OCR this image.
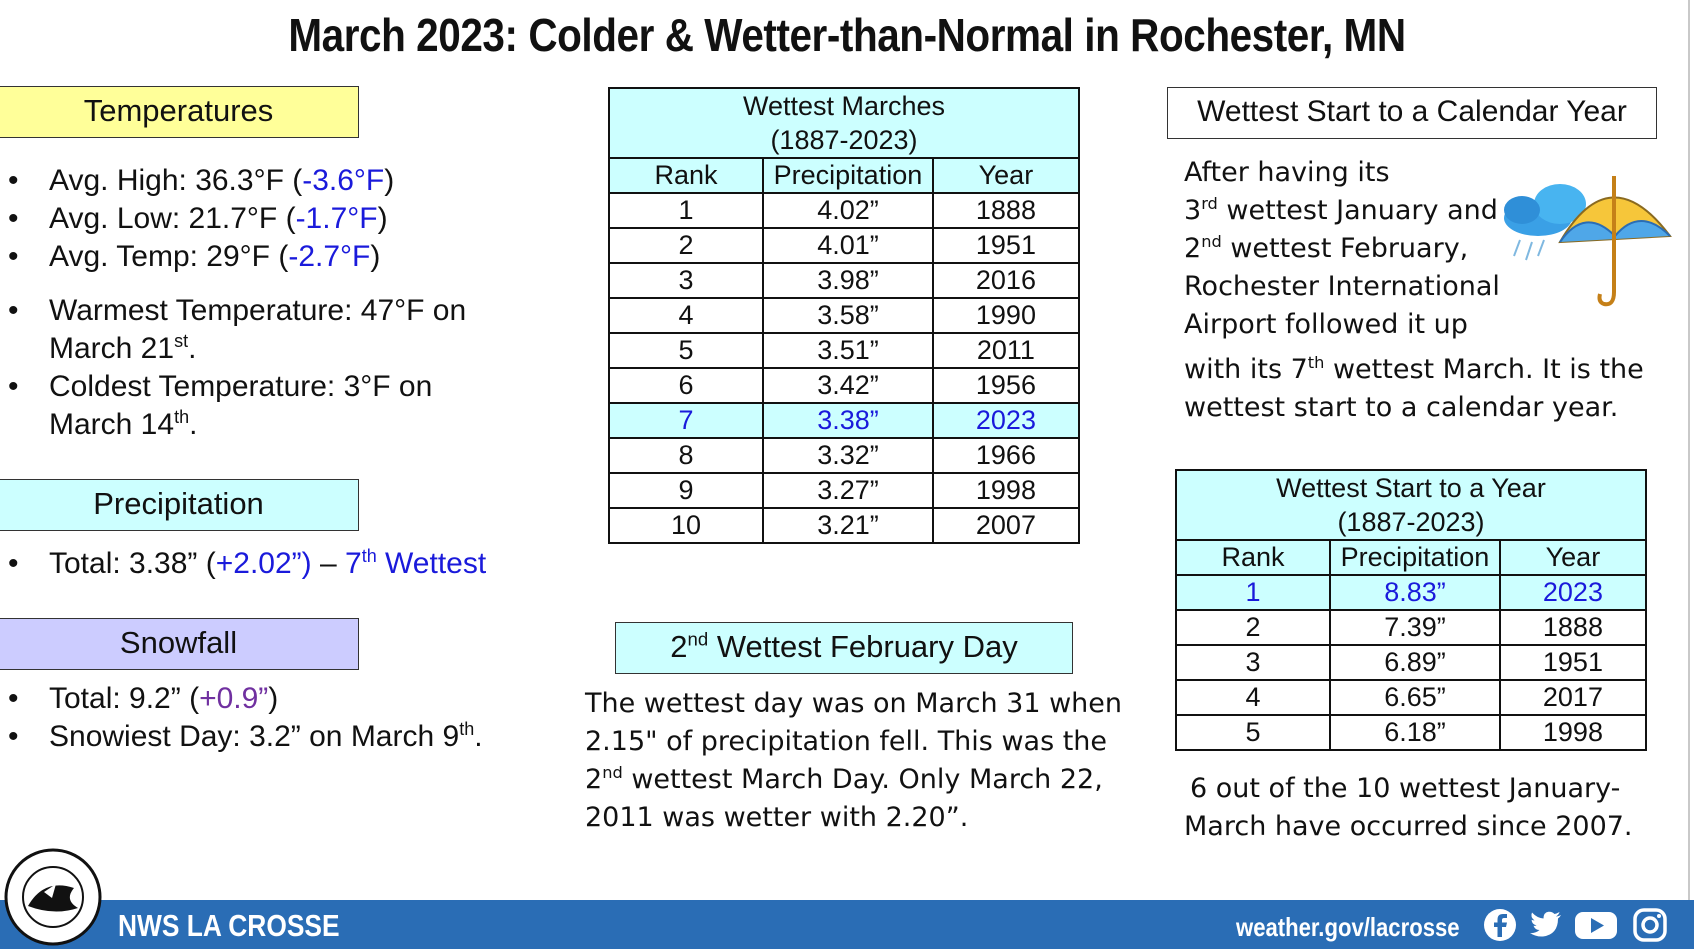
March 2023: Colder & Wetter-than-Normal in Rochester, MN
Temperatures
• Avg. High: 36.3°F (-3.6°F)
• Avg. Low: 21.7°F (-1.7°F)
• Avg. Temp: 29°F (-2.7°F)
• Warmest Temperature: 47°F on
March 21st.
• Coldest Temperature: 3°F on
March 14th.
Precipitation
• Total: 3.38” (+2.02”) – 7th Wettest
Snowfall
• Total: 9.2” (+0.9”)
• Snowiest Day: 3.2” on March 9th.
Wettest Marches
(1887-2023)		
Rank	Precipitation	Year
1	4.02”	1888
2	4.01”	1951
3	3.98”	2016
4	3.58”	1990
5	3.51”	2011
6	3.42”	1956
7	3.38”	2023
8	3.32”	1966
9	3.27”	1998
10	3.21”	2007
2nd Wettest February Day
The wettest day was on March 31 when
2.15" of precipitation fell. This was the
2nd wettest March Day. Only March 22,
2011 was wetter with 2.20”.
Wettest Start to a Calendar Year
After having its
3rd wettest January and
2nd wettest February,
Rochester International
Airport followed it up
with its 7th wettest March. It is the
wettest start to a calendar year.
Wettest Start to a Year
(1887-2023)		
Rank	Precipitation	Year
1	8.83”	2023
2	7.39”	1888
3	6.89”	1951
4	6.65”	2017
5	6.18”	1998
6 out of the 10 wettest January-
March have occurred since 2007.
NWS LA CROSSE	weather.gov/lacrosse
